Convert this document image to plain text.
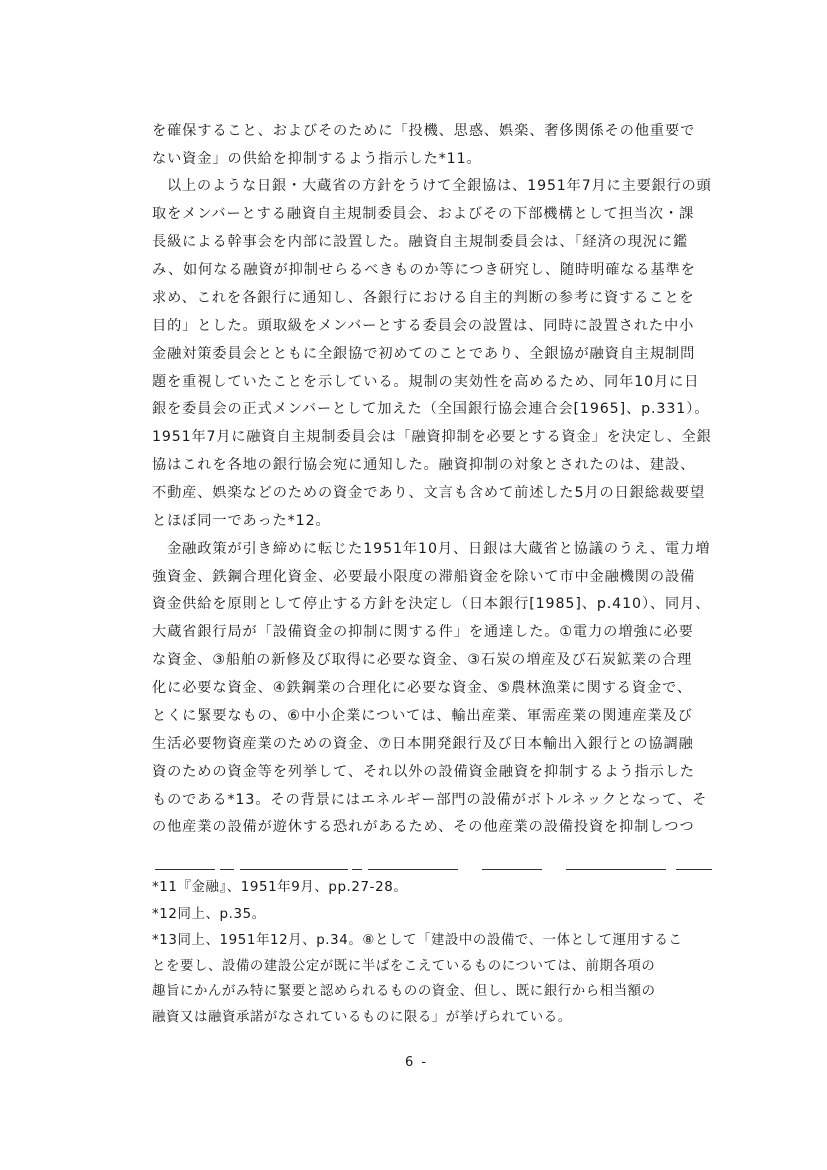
を確保すること、およびそのために「投機、思惑、娯楽、奢侈関係その他重要で
ない資金」の供給を抑制するよう指示した*11。
　以上のような日銀・大蔵省の方針をうけて全銀協は、1951年7月に主要銀行の頭
取をメンバーとする融資自主規制委員会、およびその下部機構として担当次・課
長級による幹事会を内部に設置した。融資自主規制委員会は、「経済の現況に鑑
み、如何なる融資が抑制せらるべきものか等につき研究し、随時明確なる基準を
求め、これを各銀行に通知し、各銀行における自主的判断の参考に資することを
目的」とした。頭取級をメンバーとする委員会の設置は、同時に設置された中小
金融対策委員会とともに全銀協で初めてのことであり、全銀協が融資自主規制問
題を重視していたことを示している。規制の実効性を高めるため、同年10月に日
銀を委員会の正式メンバーとして加えた（全国銀行協会連合会[1965]、p.331）。
1951年7月に融資自主規制委員会は「融資抑制を必要とする資金」を決定し、全銀
協はこれを各地の銀行協会宛に通知した。融資抑制の対象とされたのは、建設、
不動産、娯楽などのための資金であり、文言も含めて前述した5月の日銀総裁要望
とほぼ同一であった*12。
　金融政策が引き締めに転じた1951年10月、日銀は大蔵省と協議のうえ、電力増
強資金、鉄鋼合理化資金、必要最小限度の滞船資金を除いて市中金融機関の設備
資金供給を原則として停止する方針を決定し（日本銀行[1985]、p.410）、同月、
大蔵省銀行局が「設備資金の抑制に関する件」を通達した。①電力の増強に必要
な資金、③船舶の新修及び取得に必要な資金、③石炭の増産及び石炭鉱業の合理
化に必要な資金、④鉄鋼業の合理化に必要な資金、⑤農林漁業に関する資金で、
とくに緊要なもの、⑥中小企業については、輸出産業、軍需産業の関連産業及び
生活必要物資産業のための資金、⑦日本開発銀行及び日本輸出入銀行との協調融
資のための資金等を列挙して、それ以外の設備資金融資を抑制するよう指示した
ものである*13。その背景にはエネルギー部門の設備がボトルネックとなって、そ
の他産業の設備が遊休する恐れがあるため、その他産業の設備投資を抑制しつつ
*11『金融』、1951年9月、pp.27-28。
*12同上、p.35。
*13同上、1951年12月、p.34。⑧として「建設中の設備で、一体として運用するこ
とを要し、設備の建設公定が既に半ばをこえているものについては、前期各項の
趣旨にかんがみ特に緊要と認められるものの資金、但し、既に銀行から相当額の
融資又は融資承諾がなされているものに限る」が挙げられている。
6 -
